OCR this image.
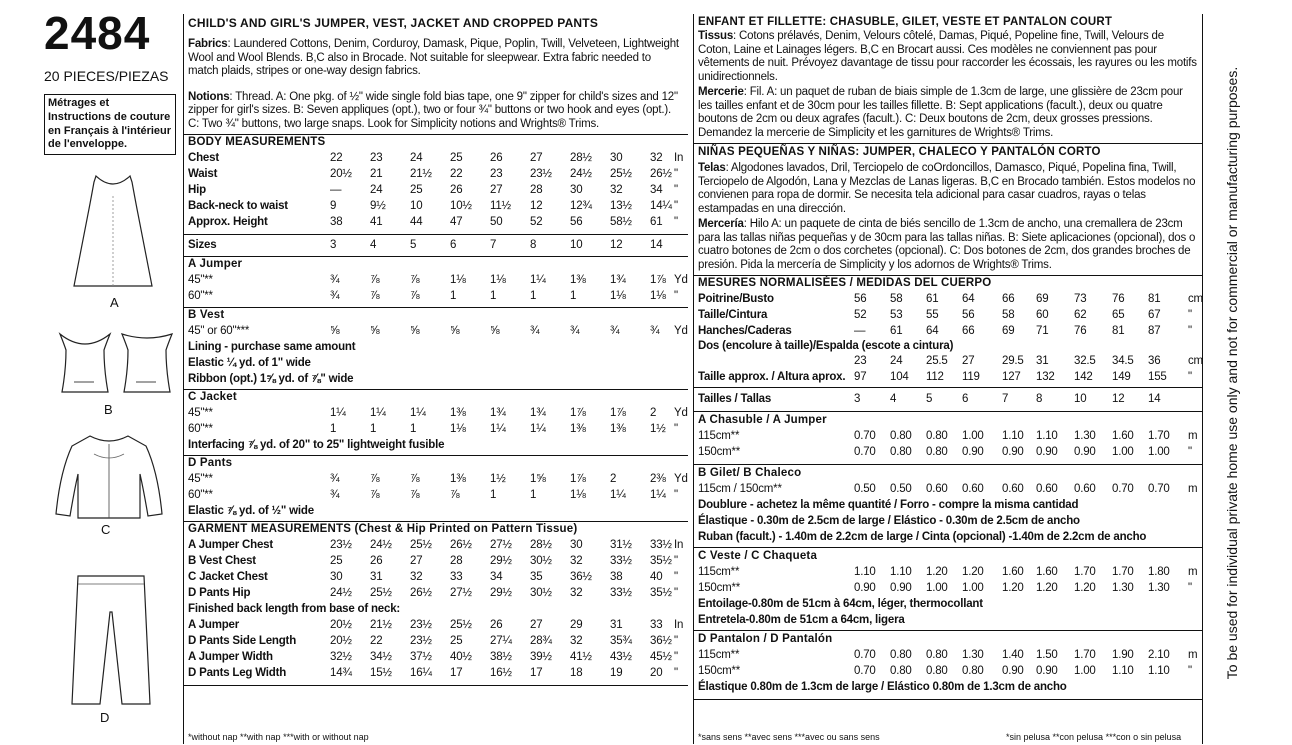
2484
20 PIECES/PIEZAS
Métrages et Instructions de couture en Français à l'intérieur de l'enveloppe.
A
B
C
D
CHILD'S AND GIRL'S JUMPER, VEST, JACKET AND CROPPED PANTS
Fabrics: Laundered Cottons, Denim, Corduroy, Damask, Pique, Poplin, Twill, Velveteen, Lightweight Wool and Wool Blends. B,C also in Brocade. Not suitable for sleepwear. Extra fabric needed to match plaids, stripes or one-way design fabrics.
Notions: Thread. A: One pkg. of ½" wide single fold bias tape, one 9" zipper for child's sizes and 12" zipper for girl's sizes. B: Seven appliques (opt.), two or four ¾" buttons or two hook and eyes (opt.). C: Two ¾" buttons, two large snaps. Look for Simplicity notions and Wrights® Trims.
BODY MEASUREMENTS
Chest	22 23 24 25 26 27 28½ 30 32 In
Waist	20½ 21 21½ 22 23 23½ 24½ 25½ 26½ "
Hip	— 24 25 26 27 28 30 32 34 "
Back-neck to waist	9	9½ 10 10½ 11½ 12 12¾ 13½ 14¼ "
Approx. Height	38 41 44 47 50 52 56 58½ 61 "
Sizes	3	4	5	6	7	8	10 12 14
A Jumper
45"**	¾	⅞	⅞	1⅛ 1⅛ 1¼ 1⅜ 1¾ 1⅞ Yd
60"**	¾	⅞	⅞	1	1	1	1	1⅛ 1⅛ "
B Vest
45" or 60"***	⅝	⅝	⅝	⅝	⅝	¾	¾	¾	¾ Yd
Lining - purchase same amount
Elastic ¼ yd. of 1" wide
Ribbon (opt.) 1⅝ yd. of ⅞" wide
C Jacket
45"**	1¼ 1¼ 1¼ 1⅜ 1¾ 1¾ 1⅞ 1⅞ 2 Yd
60"**	1	1	1	1⅛ 1¼ 1¼ 1⅜ 1⅜ 1½ "
Interfacing ⅞ yd. of 20" to 25" lightweight fusible
D Pants
45"**	¾	⅞	⅞	1⅜ 1½ 1⅝ 1⅞ 2	2⅜ Yd
60"**	¾	⅞	⅞	⅞	1	1	1⅛ 1¼ 1¼ "
Elastic ⅞ yd. of ½" wide
GARMENT MEASUREMENTS (Chest & Hip Printed on Pattern Tissue)
A Jumper Chest	23½ 24½ 25½ 26½ 27½ 28½ 30 31½ 33½ In
B Vest Chest	25 26 27 28 29½ 30½ 32 33½ 35½ "
C Jacket Chest	30 31 32 33 34 35 36½ 38 40 "
D Pants Hip	24½ 25½ 26½ 27½ 29½ 30½ 32 33½ 35½ "
Finished back length from base of neck:
A Jumper	20½ 21½ 23½ 25½ 26 27 29 31 33 In
D Pants Side Length	20½ 22 23½ 25 27¼ 28¾ 32 35¾ 36½ "
A Jumper Width	32½ 34½ 37½ 40½ 38½ 39½ 41½ 43½ 45½ "
D Pants Leg Width	14¾ 15½ 16¼ 17 16½ 17 18 19 20 "
*without nap **with nap ***with or without nap
ENFANT ET FILLETTE: CHASUBLE, GILET, VESTE ET PANTALON COURT
Tissus: Cotons prélavés, Denim, Velours côtelé, Damas, Piqué, Popeline fine, Twill, Velours de Coton, Laine et Lainages légers. B,C en Brocart aussi. Ces modèles ne conviennent pas pour vêtements de nuit. Prévoyez davantage de tissu pour raccorder les écossais, les rayures ou les motifs unidirectionnels.
Mercerie: Fil. A: un paquet de ruban de biais simple de 1.3cm de large, une glissière de 23cm pour les tailles enfant et de 30cm pour les tailles fillette. B: Sept applications (facult.), deux ou quatre boutons de 2cm ou deux agrafes (facult.). C: Deux boutons de 2cm, deux grosses pressions. Demandez la mercerie de Simplicity et les garnitures de Wrights® Trims.
NIÑAS PEQUEÑAS Y NIÑAS: JUMPER, CHALECO Y PANTALÓN CORTO
Telas: Algodones lavados, Dril, Terciopelo de coOrdoncillos, Damasco, Piqué, Popelina fina, Twill, Terciopelo de Algodón, Lana y Mezclas de Lanas ligeras. B,C en Brocado también. Estos modelos no convienen para ropa de dormir. Se necesita tela adicional para casar cuadros, rayas o telas estampadas en una dirección.
Mercería: Hilo A: un paquete de cinta de biés sencillo de 1.3cm de ancho, una cremallera de 23cm para las tallas niñas pequeñas y de 30cm para las tallas niñas. B: Siete aplicaciones (opcional), dos o cuatro botones de 2cm o dos corchetes (opcional). C: Dos botones de 2cm, dos grandes broches de presión. Pida la mercería de Simplicity y los adornos de Wrights® Trims.
MESURES NORMALISÉES / MEDIDAS DEL CUERPO
Poitrine/Busto	56 58 61 64 66 69 73 76 81 cm
Taille/Cintura	52 53 55 56 58 60 62 65 67 "
Hanches/Caderas	— 61 64 66 69 71 76 81 87 "
Dos (encolure à taille)/Espalda (escote a cintura)
23 24 25.5 27 29.5 31 32.5 34.5 36 cm
Taille approx. / Altura aprox. 97 104 112 119 127 132 142 149 155 "
Tailles / Tallas	3	4	5	6	7 8	10 12 14
A Chasuble / A Jumper
115cm**	0.70 0.80 0.80 1.00 1.10 1.10 1.30 1.60 1.70 m
150cm**	0.70 0.80 0.80 0.90 0.90 0.90 0.90 1.00 1.00 "
B Gilet/ B Chaleco
115cm / 150cm**	0.50 0.50 0.60 0.60 0.60 0.60 0.60 0.70 0.70 m
Doublure - achetez la même quantité / Forro - compre la misma cantidad
Élastique - 0.30m de 2.5cm de large / Elástico - 0.30m de 2.5cm de ancho
Ruban (facult.) - 1.40m de 2.2cm de large / Cinta (opcional) -1.40m de 2.2cm de ancho
C Veste / C Chaqueta
115cm**	1.10 1.10 1.20 1.20 1.60 1.60 1.70 1.70 1.80 m
150cm**	0.90 0.90 1.00 1.00 1.20 1.20 1.20 1.30 1.30 "
Entoilage-0.80m de 51cm à 64cm, léger, thermocollant
Entretela-0.80m de 51cm a 64cm, ligera
D Pantalon / D Pantalón
115cm**	0.70 0.80 0.80 1.30 1.40 1.50 1.70 1.90 2.10 m
150cm**	0.70 0.80 0.80 0.80 0.90 0.90 1.00 1.10 1.10 "
Élastique 0.80m de 1.3cm de large / Elástico 0.80m de 1.3cm de ancho
*sans sens **avec sens ***avec ou sans sens	*sin pelusa **con pelusa ***con o sin pelusa
To be used for individual private home use only and not for commercial or manufacturing purposes.
